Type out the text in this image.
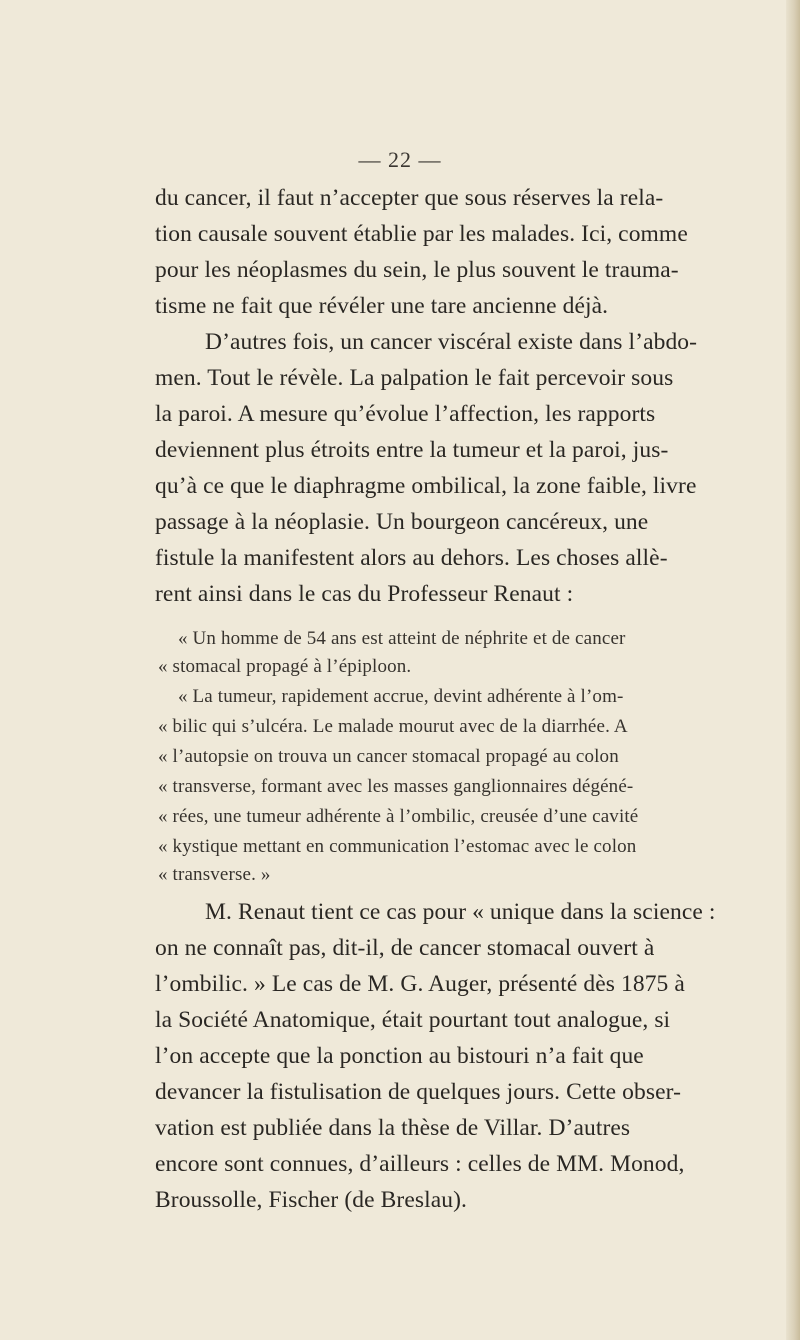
— 22 —
du cancer, il faut n’accepter que sous réserves la rela-
tion causale souvent établie par les malades. Ici, comme
pour les néoplasmes du sein, le plus souvent le trauma-
tisme ne fait que révéler une tare ancienne déjà.
D’autres fois, un cancer viscéral existe dans l’abdo-
men. Tout le révèle. La palpation le fait percevoir sous
la paroi. A mesure qu’évolue l’affection, les rapports
deviennent plus étroits entre la tumeur et la paroi, jus-
qu’à ce que le diaphragme ombilical, la zone faible, livre
passage à la néoplasie. Un bourgeon cancéreux, une
fistule la manifestent alors au dehors. Les choses allè-
rent ainsi dans le cas du Professeur Renaut :
« Un homme de 54 ans est atteint de néphrite et de cancer
« stomacal propagé à l’épiploon.
« La tumeur, rapidement accrue, devint adhérente à l’om-
« bilic qui s’ulcéra. Le malade mourut avec de la diarrhée. A
« l’autopsie on trouva un cancer stomacal propagé au colon
« transverse, formant avec les masses ganglionnaires dégéné-
« rées, une tumeur adhérente à l’ombilic, creusée d’une cavité
« kystique mettant en communication l’estomac avec le colon
« transverse. »
M. Renaut tient ce cas pour « unique dans la science :
on ne connaît pas, dit-il, de cancer stomacal ouvert à
l’ombilic. » Le cas de M. G. Auger, présenté dès 1875 à
la Société Anatomique, était pourtant tout analogue, si
l’on accepte que la ponction au bistouri n’a fait que
devancer la fistulisation de quelques jours. Cette obser-
vation est publiée dans la thèse de Villar. D’autres
encore sont connues, d’ailleurs : celles de MM. Monod,
Broussolle, Fischer (de Breslau).
